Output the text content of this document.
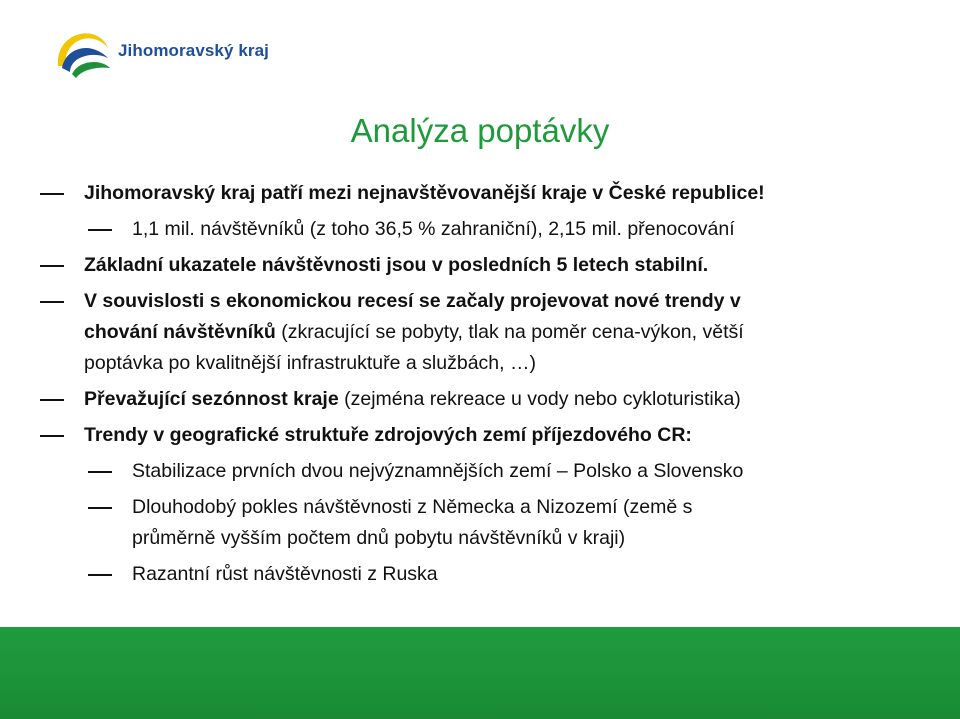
Jihomoravský kraj
Analýza poptávky
Jihomoravský kraj patří mezi nejnavštěvovanější kraje v České republice!
1,1 mil. návštěvníků (z toho 36,5 % zahraniční), 2,15 mil. přenocování
Základní ukazatele návštěvnosti jsou v posledních 5 letech stabilní.
V souvislosti s ekonomickou recesí se začaly projevovat nové trendy v
chování návštěvníků (zkracující se pobyty, tlak na poměr cena-výkon, větší
poptávka po kvalitnější infrastruktuře a službách, …)
Převažující sezónnost kraje (zejména rekreace u vody nebo cykloturistika)
Trendy v geografické struktuře zdrojových zemí příjezdového CR:
Stabilizace prvních dvou nejvýznamnějších zemí – Polsko a Slovensko
Dlouhodobý pokles návštěvnosti z Německa a Nizozemí (země s
průměrně vyšším počtem dnů pobytu návštěvníků v kraji)
Razantní růst návštěvnosti z Ruska
